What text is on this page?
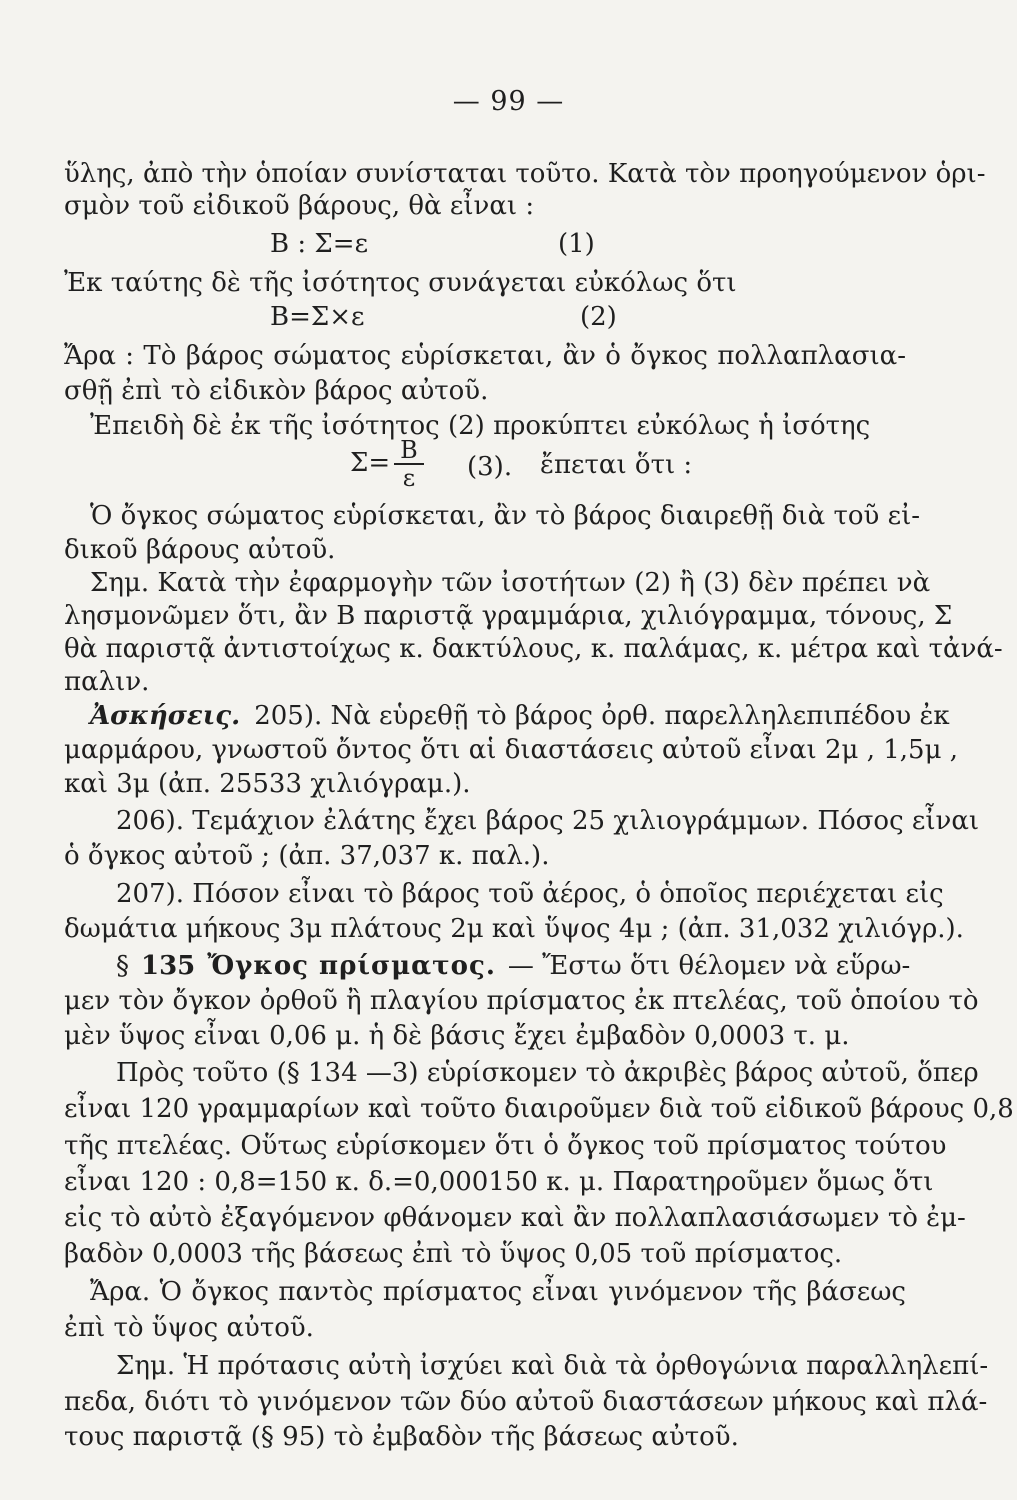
— 99 —
ὕλης, ἀπὸ τὴν ὁποίαν συνίσταται τοῦτο. Κατὰ τὸν προηγούμενον ὁρι-
σμὸν τοῦ εἰδικοῦ βάρους, θὰ εἶναι :
Β : Σ=ε	(1)
Ἐκ ταύτης δὲ τῆς ἰσότητος συνάγεται εὐκόλως ὅτι
Β=Σ×ε	(2)
Ἄρα : Τὸ βάρος σώματος εὑρίσκεται, ἂν ὁ ὄγκος πολλαπλασια-
σθῇ ἐπὶ τὸ εἰδικὸν βάρος αὐτοῦ.
Ἐπειδὴ δὲ ἐκ τῆς ἰσότητος (2) προκύπτει εὐκόλως ἡ ἰσότης
$\Sigma= \frac{B}{\varepsilon} (3)$. ἔπεται ὅτι :
Ὁ ὄγκος σώματος εὑρίσκεται, ἂν τὸ βάρος διαιρεθῇ διὰ τοῦ εἰ-
δικοῦ βάρους αὐτοῦ.
Σημ. Κατὰ τὴν ἐφαρμογὴν τῶν ἰσοτήτων (2) ἢ (3) δὲν πρέπει νὰ
λησμονῶμεν ὅτι, ἂν Β παριστᾷ γραμμάρια, χιλιόγραμμα, τόνους, Σ
θὰ παριστᾷ ἀντιστοίχως κ. δακτύλους, κ. παλάμας, κ. μέτρα καὶ τἀνά-
παλιν.
Ἀσκήσεις. 205). Νὰ εὑρεθῇ τὸ βάρος ὀρθ. παρελληλεπιπέδου ἐκ
μαρμάρου, γνωστοῦ ὄντος ὅτι αἱ διαστάσεις αὐτοῦ εἶναι 2μ , 1,5μ ,
καὶ 3μ (ἀπ. 25533 χιλιόγραμ.).
206). Τεμάχιον ἐλάτης ἔχει βάρος 25 χιλιογράμμων. Πόσος εἶναι
ὁ ὄγκος αὐτοῦ ; (ἀπ. 37,037 κ. παλ.).
207). Πόσον εἶναι τὸ βάρος τοῦ ἀέρος, ὁ ὁποῖος περιέχεται εἰς
δωμάτια μήκους 3μ πλάτους 2μ καὶ ὕψος 4μ ; (ἀπ. 31,032 χιλιόγρ.).
§ 135 Ὄγκος πρίσματος. — Ἔστω ὅτι θέλομεν νὰ εὕρω-
μεν τὸν ὄγκον ὀρθοῦ ἢ πλαγίου πρίσματος ἐκ πτελέας, τοῦ ὁποίου τὸ
μὲν ὕψος εἶναι 0,06 μ. ἡ δὲ βάσις ἔχει ἐμβαδὸν 0,0003 τ. μ.
Πρὸς τοῦτο (§ 134 —3) εὑρίσκομεν τὸ ἀκριβὲς βάρος αὐτοῦ, ὅπερ
εἶναι 120 γραμμαρίων καὶ τοῦτο διαιροῦμεν διὰ τοῦ εἰδικοῦ βάρους 0,8
τῆς πτελέας. Οὕτως εὑρίσκομεν ὅτι ὁ ὄγκος τοῦ πρίσματος τούτου
εἶναι 120 : 0,8=150 κ. δ.=0,000150 κ. μ. Παρατηροῦμεν ὅμως ὅτι
εἰς τὸ αὐτὸ ἐξαγόμενον φθάνομεν καὶ ἂν πολλαπλασιάσωμεν τὸ ἐμ-
βαδὸν 0,0003 τῆς βάσεως ἐπὶ τὸ ὕψος 0,05 τοῦ πρίσματος.
Ἄρα. Ὁ ὄγκος παντὸς πρίσματος εἶναι γινόμενον τῆς βάσεως
ἐπὶ τὸ ὕψος αὐτοῦ.
Σημ. Ἡ πρότασις αὐτὴ ἰσχύει καὶ διὰ τὰ ὀρθογώνια παραλληλεπί-
πεδα, διότι τὸ γινόμενον τῶν δύο αὐτοῦ διαστάσεων μήκους καὶ πλά-
τους παριστᾷ (§ 95) τὸ ἐμβαδὸν τῆς βάσεως αὐτοῦ.
